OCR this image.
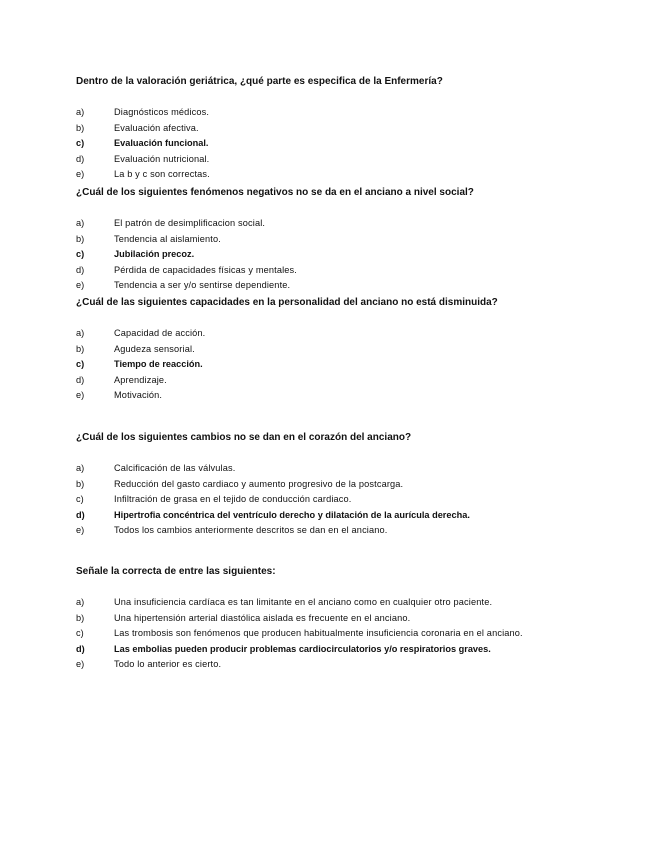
Dentro de la valoración geriátrica, ¿qué parte es especifica de la Enfermería?
a)	Diagnósticos médicos.
b)	Evaluación afectiva.
c)	Evaluación funcional.
d)	Evaluación nutricional.
e)	La b y c son correctas.
¿Cuál de los siguientes fenómenos negativos no se da en el anciano a nivel social?
a)	El patrón de desimplificacion social.
b)	Tendencia al aislamiento.
c)	Jubilación precoz.
d)	Pérdida de capacidades físicas y mentales.
e)	Tendencia a ser y/o sentirse dependiente.
¿Cuál de las siguientes capacidades en la personalidad del anciano no está disminuida?
a)	Capacidad de acción.
b)	Agudeza sensorial.
c)	Tiempo de reacción.
d)	Aprendizaje.
e)	Motivación.
¿Cuál de los siguientes cambios no se dan en el corazón del anciano?
a)	Calcificación de las válvulas.
b)	Reducción del gasto cardiaco y aumento progresivo de la postcarga.
c)	Infiltración de grasa en el tejido de conducción cardiaco.
d)	Hipertrofia concéntrica del ventrículo derecho y dilatación de la aurícula derecha.
e)	Todos los cambios anteriormente descritos se dan en el anciano.
Señale la correcta de entre las siguientes:
a)	Una insuficiencia cardíaca es tan limitante en el anciano como en cualquier otro paciente.
b)	Una hipertensión arterial diastólica aislada es frecuente en el anciano.
c)	Las trombosis son fenómenos que producen habitualmente insuficiencia coronaria en el anciano.
d)	Las embolias pueden producir problemas cardiocirculatorios y/o respiratorios graves.
e)	Todo lo anterior es cierto.
